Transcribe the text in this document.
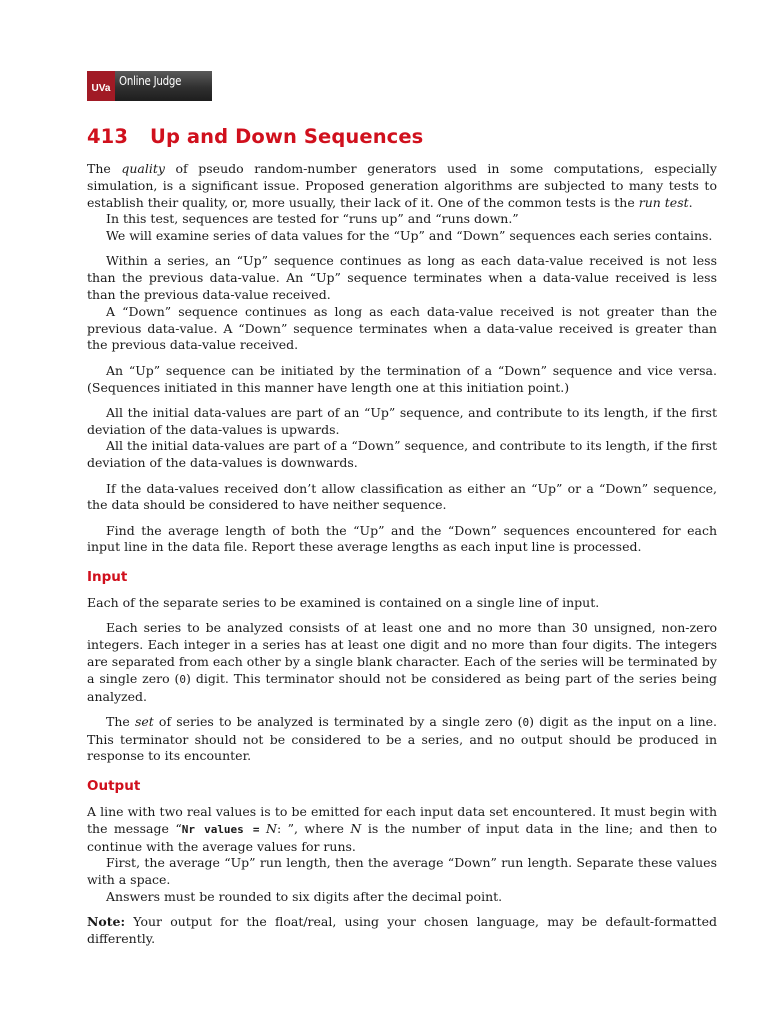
UVa Online Judge
413 Up and Down Sequences

The quality of pseudo random-number generators used in some computations, especially simulation, is a significant issue. Proposed generation algorithms are subjected to many tests to establish their quality, or, more usually, their lack of it. One of the common tests is the run test.

In this test, sequences are tested for “runs up” and “runs down.”

We will examine series of data values for the “Up” and “Down” sequences each series contains.

Within a series, an “Up” sequence continues as long as each data-value received is not less than the previous data-value. An “Up” sequence terminates when a data-value received is less than the previous data-value received.

A “Down” sequence continues as long as each data-value received is not greater than the previous data-value. A “Down” sequence terminates when a data-value received is greater than the previous data-value received.

An “Up” sequence can be initiated by the termination of a “Down” sequence and vice versa. (Sequences initiated in this manner have length one at this initiation point.)

All the initial data-values are part of an “Up” sequence, and contribute to its length, if the first deviation of the data-values is upwards.

All the initial data-values are part of a “Down” sequence, and contribute to its length, if the first deviation of the data-values is downwards.

If the data-values received don’t allow classification as either an “Up” or a “Down” sequence, the data should be considered to have neither sequence.

Find the average length of both the “Up” and the “Down” sequences encountered for each input line in the data file. Report these average lengths as each input line is processed.

Input

Each of the separate series to be examined is contained on a single line of input.

Each series to be analyzed consists of at least one and no more than 30 unsigned, non-zero integers. Each integer in a series has at least one digit and no more than four digits. The integers are separated from each other by a single blank character. Each of the series will be terminated by a single zero (0) digit. This terminator should not be considered as being part of the series being analyzed.

The set of series to be analyzed is terminated by a single zero (0) digit as the input on a line. This terminator should not be considered to be a series, and no output should be produced in response to its encounter.

Output

A line with two real values is to be emitted for each input data set encountered. It must begin with the message “Nr values = N: ”, where N is the number of input data in the line; and then to continue with the average values for runs.

First, the average “Up” run length, then the average “Down” run length. Separate these values with a space.

Answers must be rounded to six digits after the decimal point.

Note: Your output for the float/real, using your chosen language, may be default-formatted differently.
